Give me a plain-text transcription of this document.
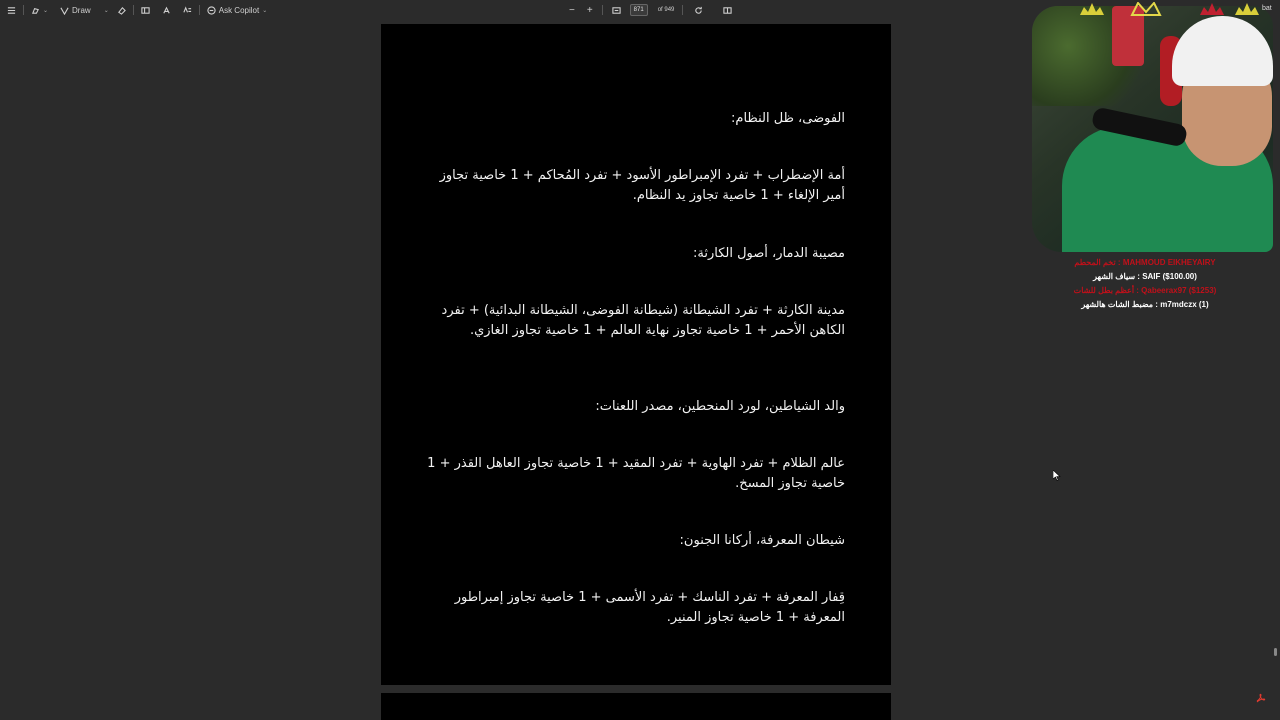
⌄	Draw ⌄	Ask Copilot ⌄	− +	871	of 949

الفوضى، ظل النظام:

أمة الإضطراب + تفرد الإمبراطور الأسود + تفرد المُحاكم + 1 خاصية تجاوز أمير الإلغاء + 1 خاصية تجاوز يد النظام.

مصيبة الدمار، أصول الكارثة:

مدينة الكارثة + تفرد الشيطانة (شيطانة الفوضى، الشيطانة البدائية) + تفرد الكاهن الأحمر + 1 خاصية تجاوز نهاية العالم + 1 خاصية تجاوز الغازي.

والد الشياطين، لورد المنحطين، مصدر اللعنات:

عالم الظلام + تفرد الهاوية + تفرد المقيد + 1 خاصية تجاوز العاهل القذر + 1 خاصية تجاوز المسخ.

شيطان المعرفة، أركانا الجنون:

قِفار المعرفة + تفرد الناسك + تفرد الأسمى + 1 خاصية تجاوز إمبراطور المعرفة + 1 خاصية تجاوز المنير.

bat
MAHMOUD EIKHEYAIRY : تخم المحطم
SAIF ($100.00) : سياف الشهر
Qabeerax97 ($1253) : أعظم بطل للشات
m7mdczx (1) : مضبط الشات هالشهر
